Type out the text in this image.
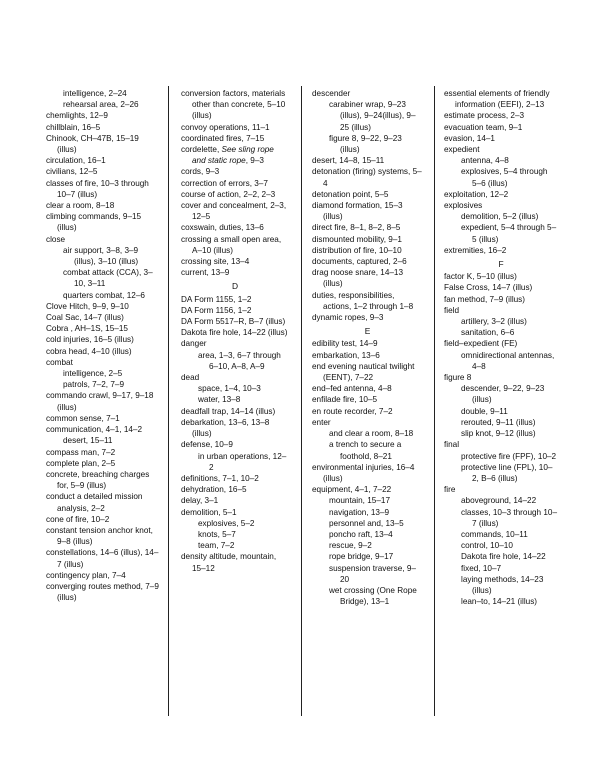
intelligence, 2–24
rehearsal area, 2–26
chemlights, 12–9
chillblain, 16–5
Chinook, CH–47B, 15–19 (illus)
circulation, 16–1
civilians, 12–5
classes of fire, 10–3 through 10–7 (illus)
clear a room, 8–18
climbing commands, 9–15 (illus)
close
air support, 3–8, 3–9 (illus), 3–10 (illus)
combat attack (CCA), 3–10, 3–11
quarters combat, 12–6
Clove Hitch, 9–9, 9–10
Coal Sac, 14–7 (illus)
Cobra , AH–1S, 15–15
cold injuries, 16–5 (illus)
cobra head, 4–10 (illus)
combat
intelligence, 2–5
patrols, 7–2, 7–9
commando crawl, 9–17, 9–18 (illus)
common sense, 7–1
communication, 4–1, 14–2
desert, 15–11
compass man, 7–2
complete plan, 2–5
concrete, breaching charges for, 5–9 (illus)
conduct a detailed mission analysis, 2–2
cone of fire, 10–2
constant tension anchor knot, 9–8 (illus)
constellations, 14–6 (illus), 14–7 (illus)
contingency plan, 7–4
converging routes method, 7–9 (illus)
conversion factors, materials other than concrete, 5–10 (illus)
convoy operations, 11–1
coordinated fires, 7–15
cordelette, See sling rope and static rope, 9–3
cords, 9–3
correction of errors, 3–7
course of action, 2–2, 2–3
cover and concealment, 2–3, 12–5
coxswain, duties, 13–6
crossing a small open area, A–10 (illus)
crossing site, 13–4
current, 13–9
D
DA Form 1155, 1–2
DA Form 1156, 1–2
DA Form 5517–R, B–7 (illus)
Dakota fire hole, 14–22 (illus)
danger
area, 1–3, 6–7 through 6–10, A–8, A–9
dead
space, 1–4, 10–3
water, 13–8
deadfall trap, 14–14 (illus)
debarkation, 13–6, 13–8 (illus)
defense, 10–9
in urban operations, 12–2
definitions, 7–1, 10–2
dehydration, 16–5
delay, 3–1
demolition, 5–1
explosives, 5–2
knots, 5–7
team, 7–2
density altitude, mountain, 15–12
descender
carabiner wrap, 9–23 (illus), 9–24(illus), 9–25 (illus)
figure 8, 9–22, 9–23 (illus)
desert, 14–8, 15–11
detonation (firing) systems, 5–4
detonation point, 5–5
diamond formation, 15–3 (illus)
direct fire, 8–1, 8–2, 8–5
dismounted mobility, 9–1
distribution of fire, 10–10
documents, captured, 2–6
drag noose snare, 14–13 (illus)
duties, responsibilities, actions, 1–2 through 1–8
dynamic ropes, 9–3
E
edibility test, 14–9
embarkation, 13–6
end evening nautical twilight (EENT), 7–22
end–fed antenna, 4–8
enfilade fire, 10–5
en route recorder, 7–2
enter
and clear a room, 8–18
a trench to secure a foothold, 8–21
environmental injuries, 16–4 (illus)
equipment, 4–1, 7–22
mountain, 15–17
navigation, 13–9
personnel and, 13–5
poncho raft, 13–4
rescue, 9–2
rope bridge, 9–17
suspension traverse, 9–20
wet crossing (One Rope Bridge), 13–1
essential elements of friendly information (EEFI), 2–13
estimate process, 2–3
evacuation team, 9–1
evasion, 14–1
expedient
antenna, 4–8
explosives, 5–4 through 5–6 (illus)
exploitation, 12–2
explosives
demolition, 5–2 (illus)
expedient, 5–4 through 5–5 (illus)
extremities, 16–2
F
factor K, 5–10 (illus)
False Cross, 14–7 (illus)
fan method, 7–9 (illus)
field
artillery, 3–2 (illus)
sanitation, 6–6
field–expedient (FE)
omnidirectional antennas, 4–8
figure 8
descender, 9–22, 9–23 (illus)
double, 9–11
rerouted, 9–11 (illus)
slip knot, 9–12 (illus)
final
protective fire (FPF), 10–2
protective line (FPL), 10–2, B–6 (illus)
fire
aboveground, 14–22
classes, 10–3 through 10–7 (illus)
commands, 10–11
control, 10–10
Dakota fire hole, 14–22
fixed, 10–7
laying methods, 14–23 (illus)
lean–to, 14–21 (illus)
